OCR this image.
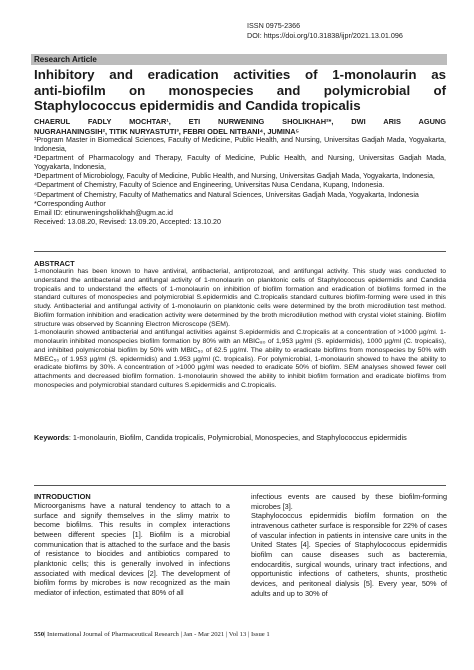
ISSN 0975-2366
DOI: https://doi.org/10.31838/ijpr/2021.13.01.096
Research Article
Inhibitory and eradication activities of 1-monolaurin as
anti-biofilm on monospecies and polymicrobial of
Staphylococcus epidermidis and Candida tropicalis
CHAERUL FADLY MOCHTAR¹, ETI NURWENING SHOLIKHAH²*, DWI ARIS AGUNG
NUGRAHANINGSIH², TITIK NURYASTUTI³, FEBRI ODEL NITBANI⁴, JUMINA⁵

¹Program Master in Biomedical Sciences, Faculty of Medicine, Public Health, and Nursing, Universitas Gadjah Mada, Yogyakarta, Indonesia,

²Department of Pharmacology and Therapy, Faculty of Medicine, Public Health, and Nursing, Universitas Gadjah Mada, Yogyakarta, Indonesia,

³Department of Microbiology, Faculty of Medicine, Public Health, and Nursing, Universitas Gadjah Mada, Yogyakarta, Indonesia,

⁴Department of Chemistry, Faculty of Science and Engineering, Universitas Nusa Cendana, Kupang, Indonesia.

⁵Department of Chemistry, Faculty of Mathematics and Natural Sciences, Universitas Gadjah Mada, Yogyakarta, Indonesia

*Corresponding Author
Email ID: etinurweningsholikhah@ugm.ac.id
Received: 13.08.20, Revised: 13.09.20, Accepted: 13.10.20
ABSTRACT

1-monolaurin has been known to have antiviral, antibacterial, antiprotozoal, and antifungal activity. This study was conducted to understand the antibacterial and antifungal activity of 1-monolaurin on planktonic cells of Staphylococcus epidermidis and Candida tropicalis and to understand the effects of 1-monolaurin on inhibition of biofilm formation and eradication of biofilms formed in the standard cultures of monospecies and polymicrobial S.epidermidis and C.tropicalis standard cultures biofilm-forming were used in this study. Antibacterial and antifungal activity of 1-monolaurin on planktonic cells were determined by the broth microdilution test method. Biofilm formation inhibition and eradication activity were determined by the broth microdilution method with crystal violet staining. Biofilm structure was observed by Scanning Electron Microscope (SEM).

1-monolaurin showed antibacterial and antifungal activities against S.epidermidis and C.tropicalis at a concentration of >1000 µg/ml. 1-monolaurin inhibited monospecies biofilm formation by 80% with an MBIC₈₀ of 1,953 µg/ml (S. epidermidis), 1000 µg/ml (C. tropicalis), and inhibited polymicrobial biofilm by 50% with MBIC₅₀ of 62.5 µg/ml. The ability to eradicate biofilms from monospecies by 50% with MBEC₅₀ of 1.953 µg/ml (S. epidermidis) and 1.953 µg/ml (C. tropicalis). For polymicrobial, 1-monolaurin showed to have the ability to eradicate biofilms by 30%. A concentration of >1000 µg/ml was needed to eradicate 50% of biofilm. SEM analyses showed fewer cell attachments and decreased biofilm formation. 1-monolaurin showed the ability to inhibit biofilm formation and eradicate biofilms from monospecies and polymicrobial standard cultures S.epidermidis and C.tropicalis.

Keywords: 1-monolaurin, Biofilm, Candida tropicalis, Polymicrobial, Monospecies, and Staphylococcus epidermidis

INTRODUCTION

Microorganisms have a natural tendency to attach to a surface and signify themselves in the slimy matrix to become biofilms. This results in complex interactions between different species [1]. Biofilm is a microbial communication that is attached to the surface and the basis of resistance to biocides and antibiotics compared to planktonic cells; this is generally involved in infections associated with medical devices [2]. The development of biofilm forms by microbes is now recognized as the main mediator of infection, estimated that 80% of all

infectious events are caused by these biofilm-forming microbes [3].

Staphylococcus epidermidis biofilm formation on the intravenous catheter surface is responsible for 22% of cases of vascular infection in patients in intensive care units in the United States [4]. Species of Staphylococcus epidermidis biofilm can cause diseases such as bacteremia, endocarditis, surgical wounds, urinary tract infections, and opportunistic infections of catheters, shunts, prosthetic devices, and peritoneal dialysis [5]. Every year, 50% of adults and up to 30% of

550| International Journal of Pharmaceutical Research | Jan - Mar 2021 | Vol 13 | Issue 1
